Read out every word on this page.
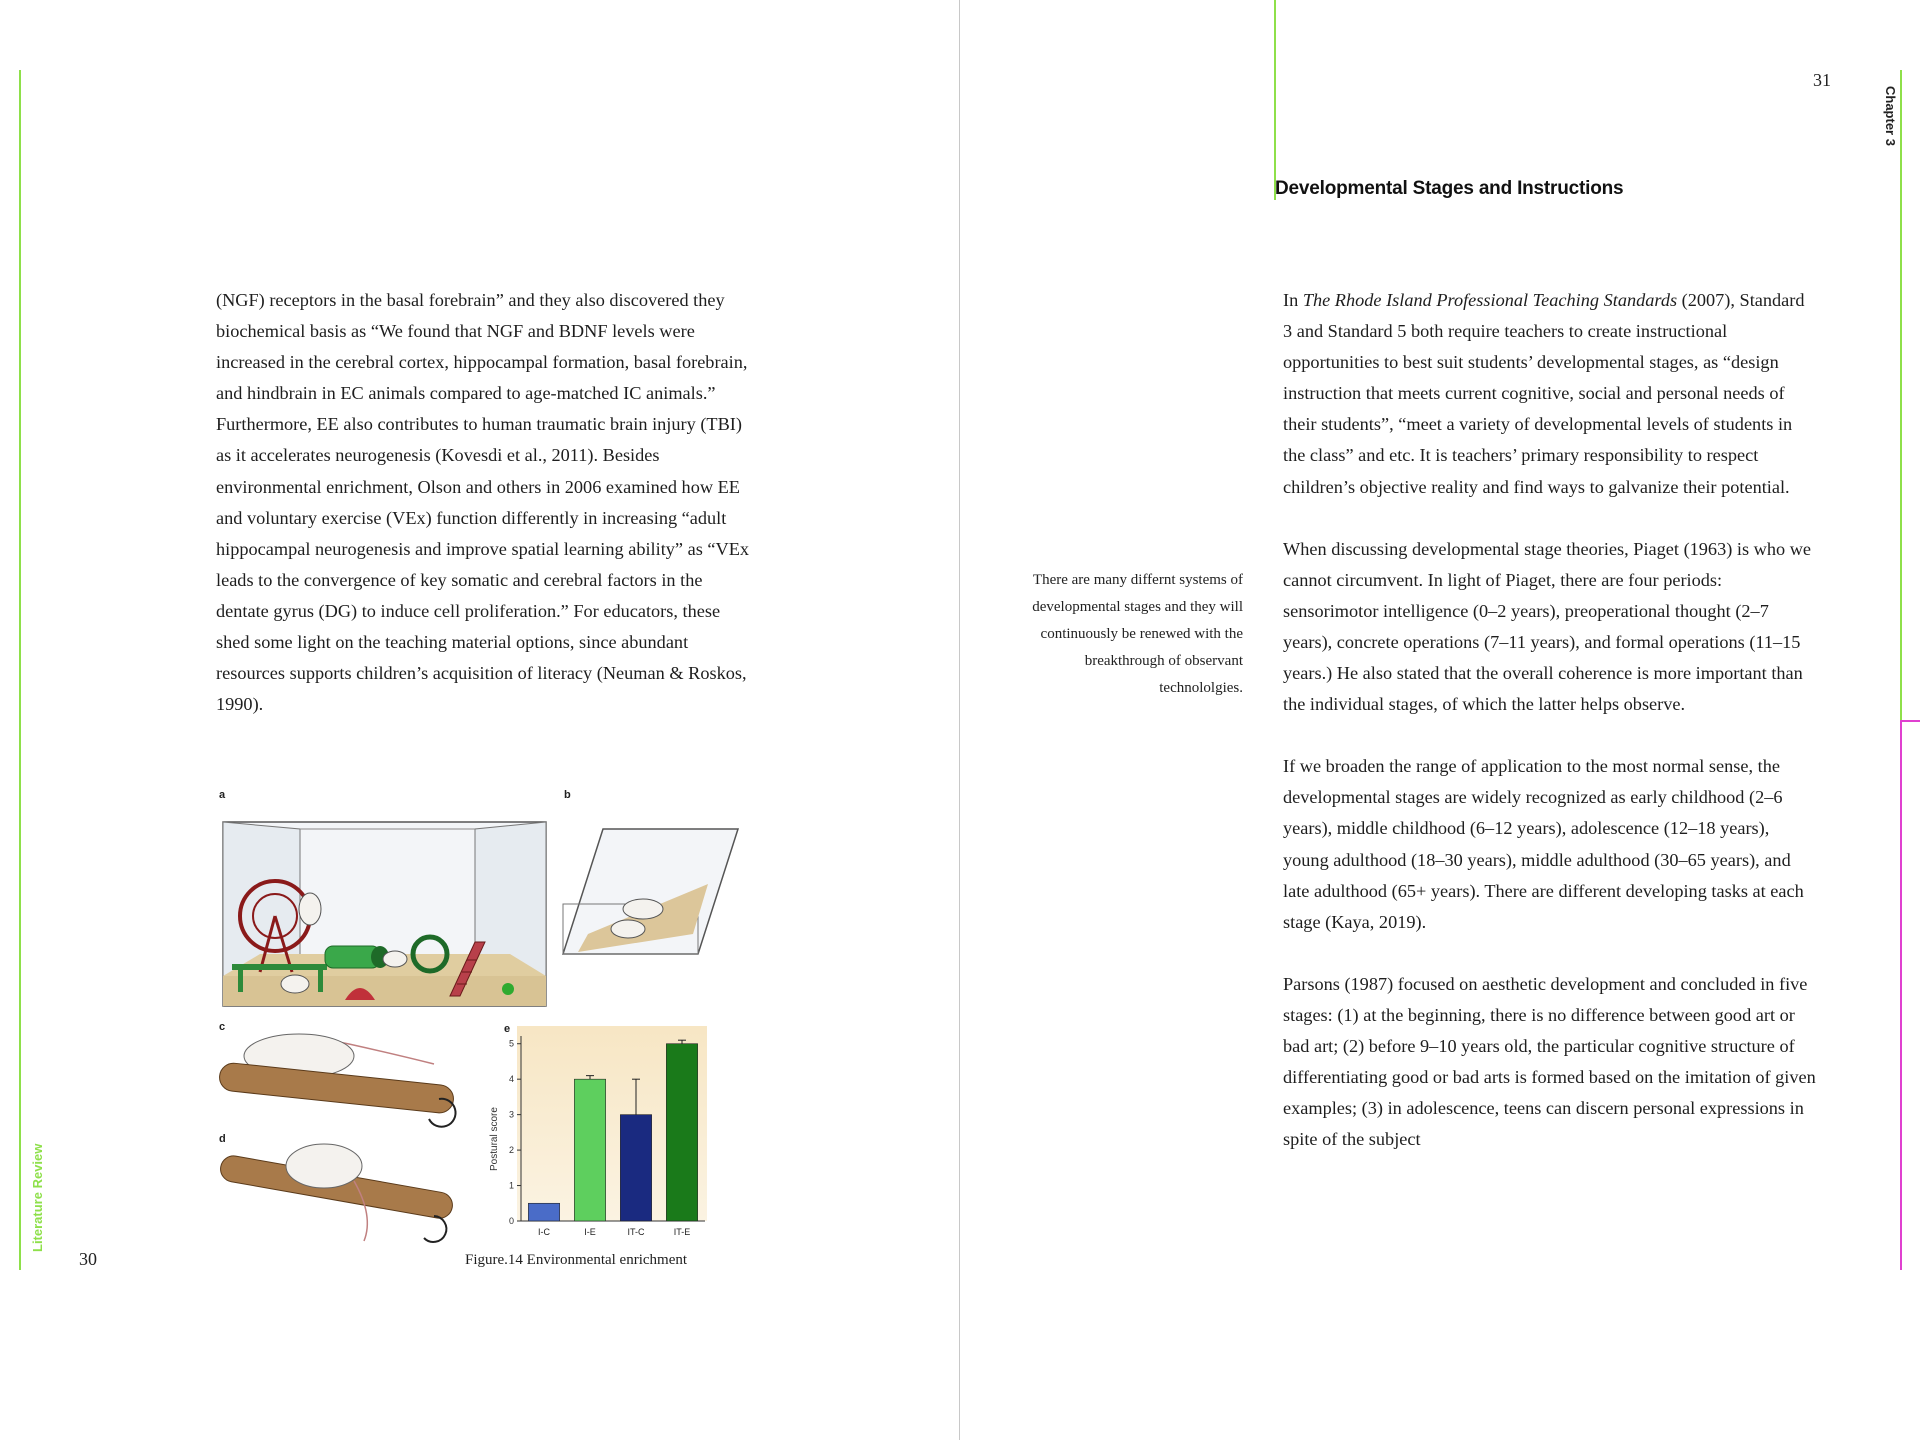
Literature Review
30

(NGF) receptors in the basal forebrain” and they also discovered they biochemical basis as “We found that NGF and BDNF levels were increased in the cerebral cortex, hippocampal formation, basal forebrain, and hindbrain in EC animals compared to age-matched IC animals.” Furthermore, EE also contributes to human traumatic brain injury (TBI) as it accelerates neurogenesis (Kovesdi et al., 2011). Besides environmental enrichment, Olson and others in 2006 examined how EE and voluntary exercise (VEx) function differently in increasing “adult hippocampal neurogenesis and improve spatial learning ability” as “VEx leads to the convergence of key somatic and cerebral factors in the dentate gyrus (DG) to induce cell proliferation.” For educators, these shed some light on the teaching material options, since abundant resources supports children’s acquisition of literacy (Neuman & Roskos, 1990).

a	b
c
d
e
Postural score
0
1
2
3
4
5
I-C	I-E	IT-C	IT-E
Figure.14 Environmental enrichment
31
Chapter 3
Developmental Stages and Instructions
There are many differnt systems of developmental stages and they will continuously be renewed with the breakthrough of observant technololgies.

In The Rhode Island Professional Teaching Standards (2007), Standard 3 and Standard 5 both require teachers to create instructional opportunities to best suit students’ developmental stages, as “design instruction that meets current cognitive, social and personal needs of their students”, “meet a variety of developmental levels of students in the class” and etc. It is teachers’ primary responsibility to respect children’s objective reality and find ways to galvanize their potential.

When discussing developmental stage theories, Piaget (1963) is who we cannot circumvent. In light of Piaget, there are four periods: sensorimotor intelligence (0–2 years), preoperational thought (2–7 years), concrete operations (7–11 years), and formal operations (11–15 years.) He also stated that the overall coherence is more important than the individual stages, of which the latter helps observe.

If we broaden the range of application to the most normal sense, the developmental stages are widely recognized as early childhood (2–6 years), middle childhood (6–12 years), adolescence (12–18 years), young adulthood (18–30 years), middle adulthood (30–65 years), and late adulthood (65+ years). There are different developing tasks at each stage (Kaya, 2019).

Parsons (1987) focused on aesthetic development and concluded in five stages: (1) at the beginning, there is no difference between good art or bad art; (2) before 9–10 years old, the particular cognitive structure of differentiating good or bad arts is formed based on the imitation of given examples; (3) in adolescence, teens can discern personal expressions in spite of the subject
